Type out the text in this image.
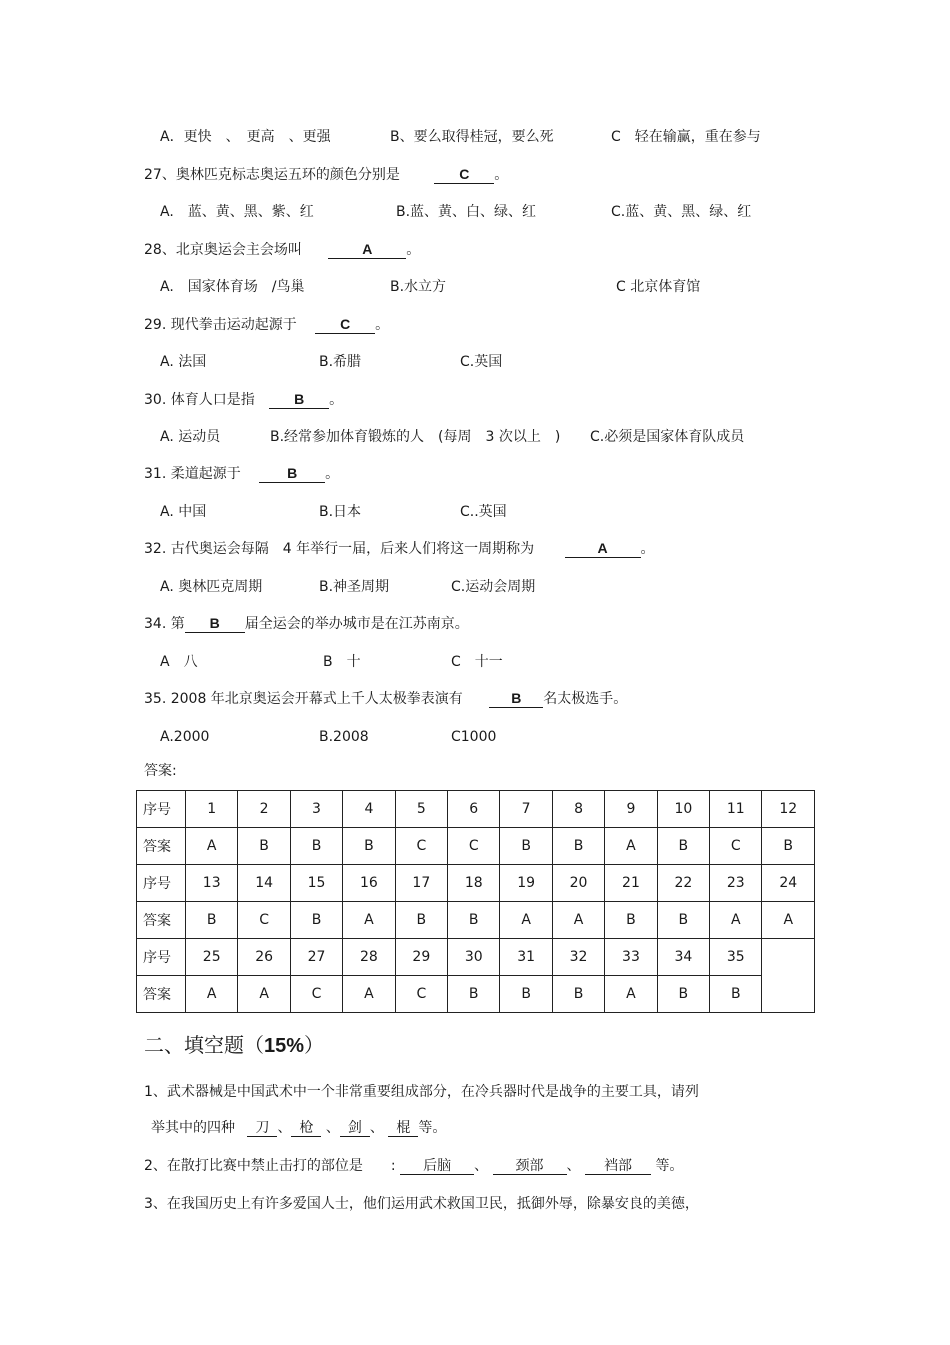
A．更快　、　更高　、更强	B、要么取得桂冠，要么死	C　轻在输赢，重在参与
27、奥林匹克标志奥运五环的颜色分别是	C 。
A.　蓝、黄、黑、紫、红	B.蓝、黄、白、绿、红	C.蓝、黄、黑、绿、红
28、北京奥运会主会场叫	A 。
A.　国家体育场　/鸟巢	B.水立方	C 北京体育馆
29. 现代拳击运动起源于	C 。
A. 法国	B.希腊	C.英国
30. 体育人口是指	B 。
A. 运动员	B.经常参加体育锻炼的人　(每周　3 次以上　) C.必须是国家体育队成员
31. 柔道起源于	B 。
A. 中国	B.日本	C..英国
32. 古代奥运会每隔　4 年举行一届，后来人们将这一周期称为	A 。
A. 奥林匹克周期	B.神圣周期	C.运动会周期
34. 第 B 届全运会的举办城市是在江苏南京。
A　八	B　十	C　十一
35. 2008 年北京奥运会开幕式上千人太极拳表演有	B 名太极选手。
A.2000	B.2008	C1000
答案:
序号	1	2	3	4	5	6	7	8	9	10	11	12
答案	A	B	B	B	C	C	B	B	A	B	C	B
序号	13	14	15	16	17	18	19	20	21	22	23	24
答案	B	C	B	A	B	B	A	A	B	B	A	A
序号	25	26	27	28	29	30	31	32	33	34	35	
答案	A	A	C	A	C	B	B	B	A	B	B	
二、填空题（15%）
1、武术器械是中国武术中一个非常重要组成部分，在冷兵器时代是战争的主要工具，请列
举其中的四种 刀 、 枪 、 剑 、 棍 等。
2、在散打比赛中禁止击打的部位是　　: 后脑 、 颈部 、 裆部 等。
3、在我国历史上有许多爱国人士，他们运用武术救国卫民，抵御外辱，除暴安良的美德，
